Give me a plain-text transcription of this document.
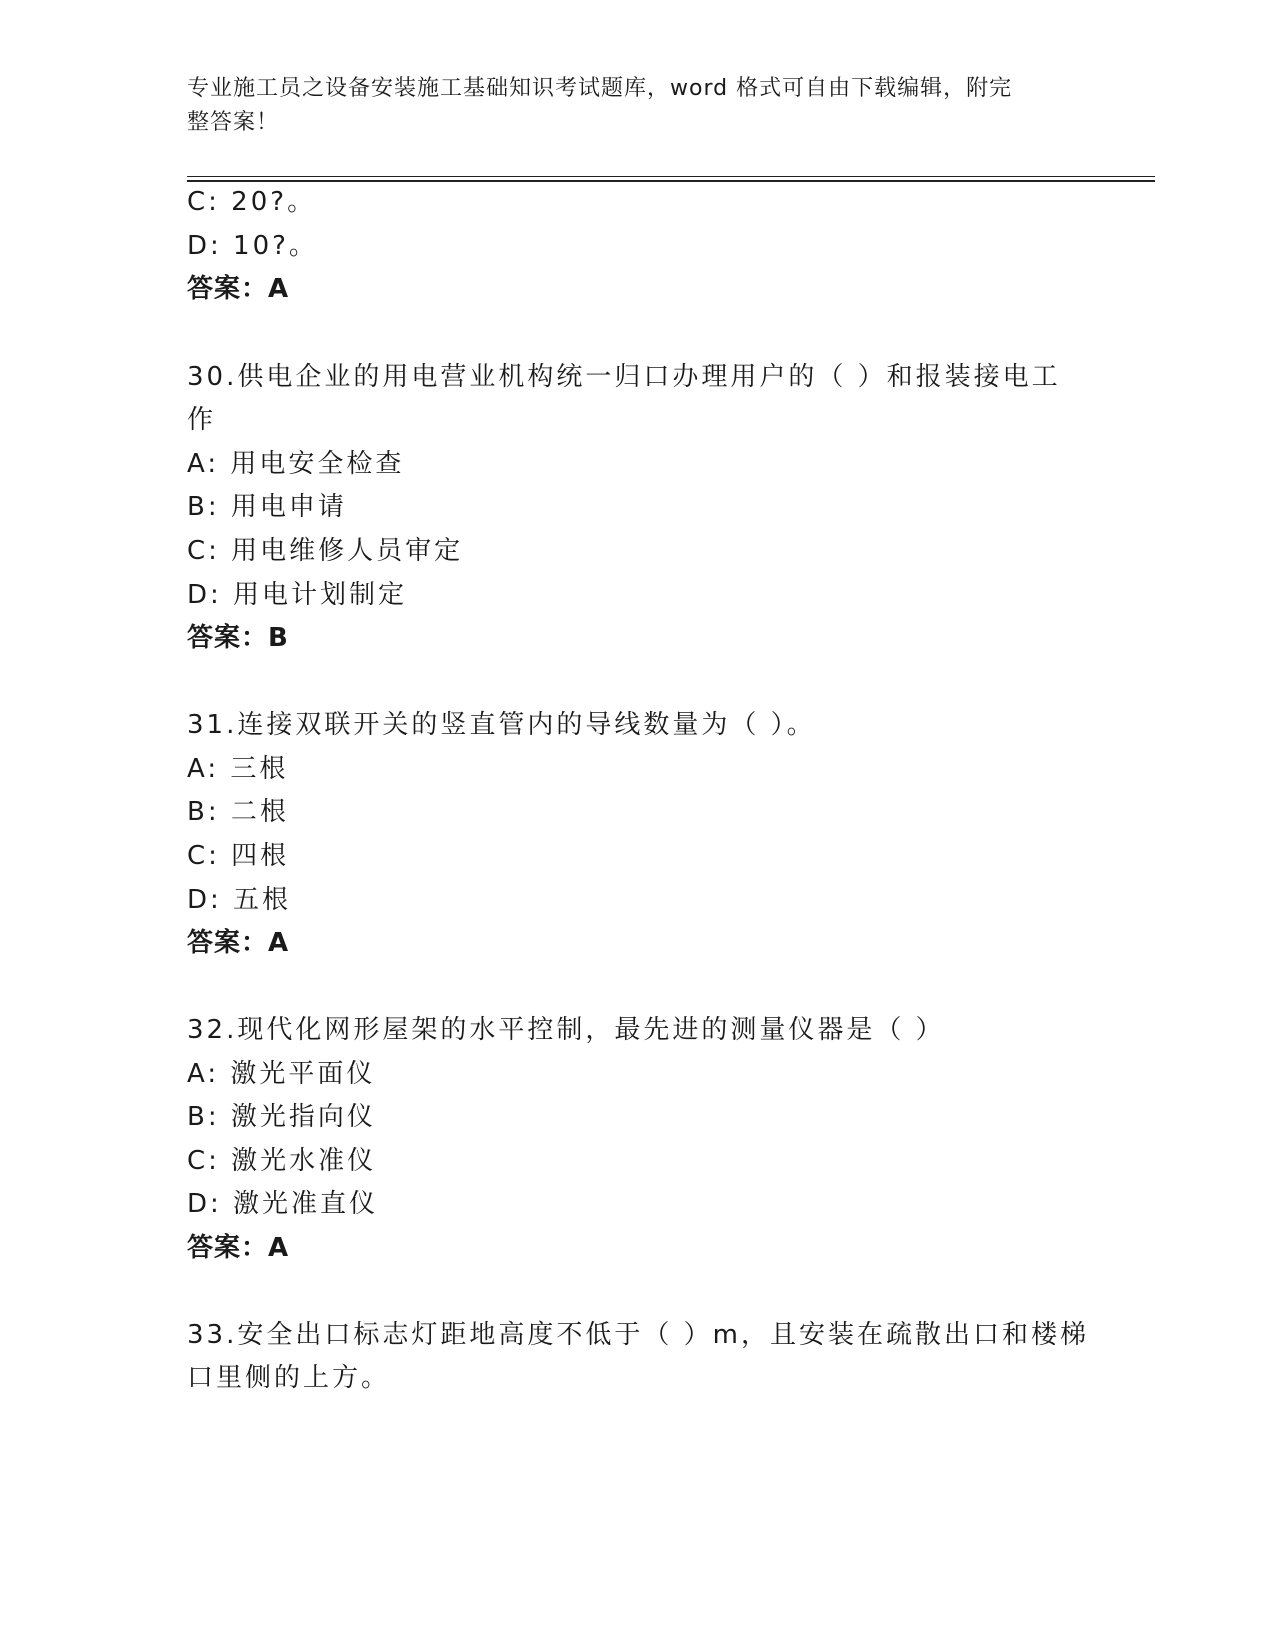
专业施工员之设备安装施工基础知识考试题库，word 格式可自由下载编辑，附完
整答案！
C: 20?。
D: 10?。
答案：A
30.供电企业的用电营业机构统一归口办理用户的（ ）和报装接电工
作
A: 用电安全检查
B: 用电申请
C: 用电维修人员审定
D: 用电计划制定
答案：B
31.连接双联开关的竖直管内的导线数量为（ ）。
A: 三根
B: 二根
C: 四根
D: 五根
答案：A
32.现代化网形屋架的水平控制，最先进的测量仪器是（ ）
A: 激光平面仪
B: 激光指向仪
C: 激光水准仪
D: 激光准直仪
答案：A
33.安全出口标志灯距地高度不低于（ ）m，且安装在疏散出口和楼梯
口里侧的上方。
